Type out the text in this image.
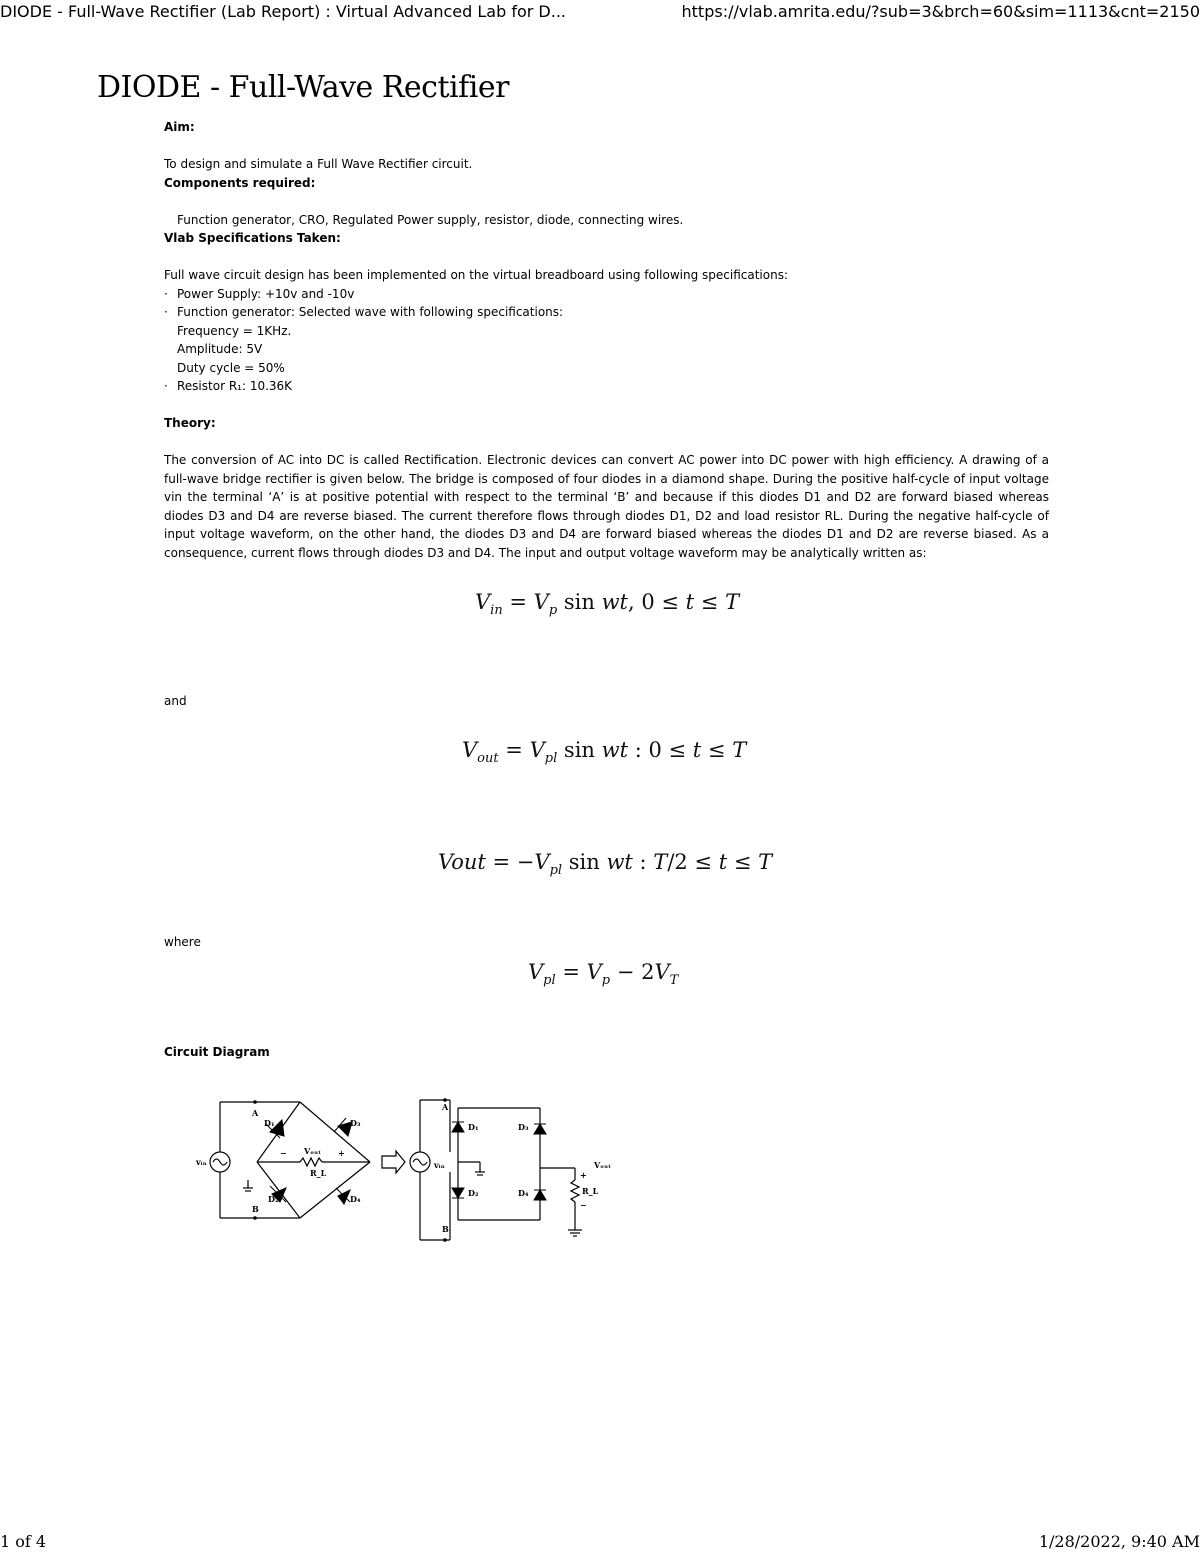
DIODE - Full-Wave Rectifier (Lab Report) : Virtual Advanced Lab for D...	https://vlab.amrita.edu/?sub=3&brch=60&sim=1113&cnt=2150
DIODE - Full-Wave Rectifier

Aim:

To design and simulate a Full Wave Rectifier circuit.

Components required:

Function generator, CRO, Regulated Power supply, resistor, diode, connecting wires.

Vlab Specifications Taken:

Full wave circuit design has been implemented on the virtual breadboard using following specifications:

· Power Supply: +10v and -10v
· Function generator: Selected wave with following specifications:
Frequency = 1KHz.
Amplitude: 5V
Duty cycle = 50%
· Resistor R₁: 10.36K

Theory:

The conversion of AC into DC is called Rectification. Electronic devices can convert AC power into DC power with high efficiency. A drawing of a full-wave bridge rectifier is given below. The bridge is composed of four diodes in a diamond shape. During the positive half-cycle of input voltage vin the terminal ‘A’ is at positive potential with respect to the terminal ‘B’ and because if this diodes D1 and D2 are forward biased whereas diodes D3 and D4 are reverse biased. The current therefore flows through diodes D1, D2 and load resistor RL. During the negative half-cycle of input voltage waveform, on the other hand, the diodes D3 and D4 are forward biased whereas the diodes D1 and D2 are reverse biased. As a consequence, current flows through diodes D3 and D4. The input and output voltage waveform may be analytically written as:

$V_{in} = V_p$ sin wt, 0 ≤ t ≤ T
and
$V_{out} = V_{pl}$ sin wt : 0 ≤ t ≤ T
Vout = $-V_{pl}$ sin wt : T/2 ≤ t ≤ T
where
$V_{pl} = V_p - 2V_T$
Circuit Diagram
A
B
D₁	D₃
D₂	D₄
vᵢₙ
Vₒᵤₜ
R_L
−	+
A
B
D₁
D₂
D₃
D₄
vᵢₙ	Vₒᵤₜ
R_L
+
−
1 of 4	1/28/2022, 9:40 AM
